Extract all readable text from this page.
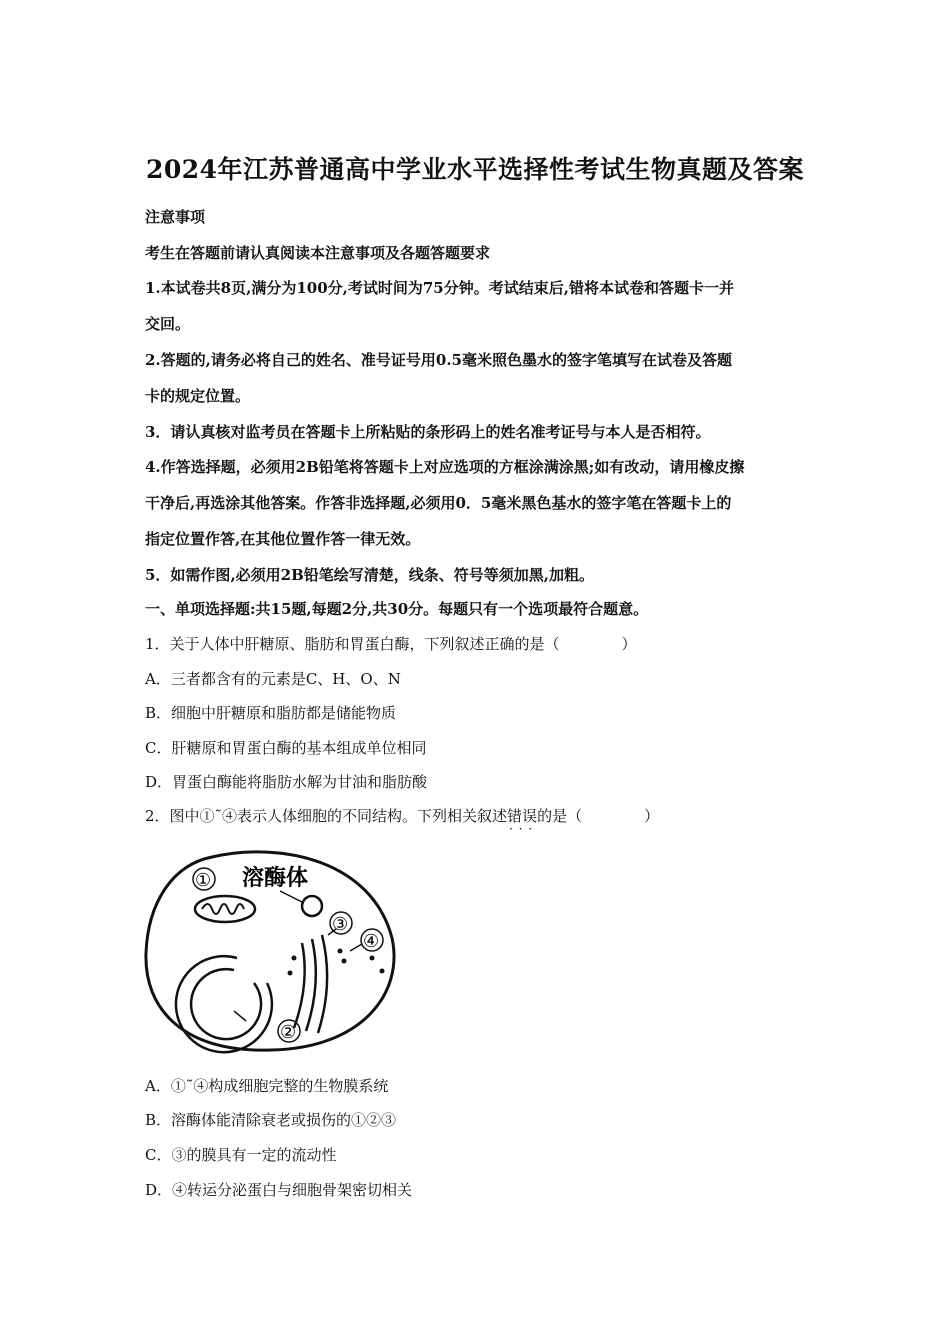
2024年江苏普通高中学业水平选择性考试生物真题及答案
注意事项
考生在答题前请认真阅读本注意事项及各题答题要求
1.本试卷共8页,满分为100分,考试时间为75分钟。考试结束后,错将本试卷和答题卡一并
交回。
2.答题的,请务必将自己的姓名、准号证号用0.5毫米照色墨水的签字笔填写在试卷及答题
卡的规定位置。
3．请认真核对监考员在答题卡上所粘贴的条形码上的姓名准考证号与本人是否相符。
4.作答选择题，必须用2B铅笔将答题卡上对应选项的方框涂满涂黑;如有改动，请用橡皮擦
干净后,再选涂其他答案。作答非选择题,必须用0．5毫米黑色基水的签字笔在答题卡上的
指定位置作答,在其他位置作答一律无效。
5．如需作图,必须用2B铅笔绘写清楚，线条、符号等须加黑,加粗。
一、单项选择题:共15题,每题2分,共30分。每题只有一个选项最符合题意。
1．关于人体中肝糖原、脂肪和胃蛋白酶，下列叙述正确的是（	）
A．三者都含有的元素是C、H、O、N
B．细胞中肝糖原和脂肪都是储能物质
C．肝糖原和胃蛋白酶的基本组成单位相同
D．胃蛋白酶能将脂肪水解为甘油和脂肪酸
2．图中①˜④表示人体细胞的不同结构。下列相关叙述错误 · · ·的是（	）
① 溶酶体
②
③
④
A．①˜④构成细胞完整的生物膜系统
B．溶酶体能清除衰老或损伤的①②③
C．③的膜具有一定的流动性
D．④转运分泌蛋白与细胞骨架密切相关
